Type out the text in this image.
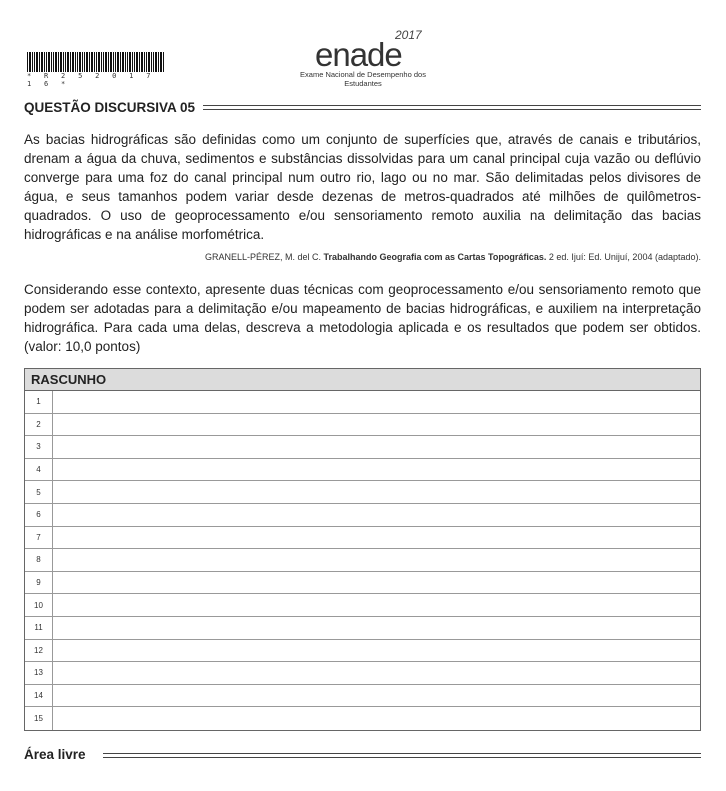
* R 2 5 2 0 1 7 1 6 *
enade
2017
Exame Nacional de Desempenho dos Estudantes
QUESTÃO DISCURSIVA 05
As bacias hidrográficas são definidas como um conjunto de superfícies que, através de canais e tributários, drenam a água da chuva, sedimentos e substâncias dissolvidas para um canal principal cuja vazão ou deflúvio converge para uma foz do canal principal num outro rio, lago ou no mar. São delimitadas pelos divisores de água, e seus tamanhos podem variar desde dezenas de metros-quadrados até milhões de quilômetros-quadrados. O uso de geoprocessamento e/ou sensoriamento remoto auxilia na delimitação das bacias hidrográficas e na análise morfométrica.
GRANELL-PÉREZ, M. del C. Trabalhando Geografia com as Cartas Topográficas. 2 ed. Ijuí: Ed. Unijuí, 2004 (adaptado).
Considerando esse contexto, apresente duas técnicas com geoprocessamento e/ou sensoriamento remoto que podem ser adotadas para a delimitação e/ou mapeamento de bacias hidrográficas, e auxiliem na interpretação hidrográfica. Para cada uma delas, descreva a metodologia aplicada e os resultados que podem ser obtidos. (valor: 10,0 pontos)
RASCUNHO
1
2
3
4
5
6
7
8
9
10
11
12
13
14
15
Área livre
